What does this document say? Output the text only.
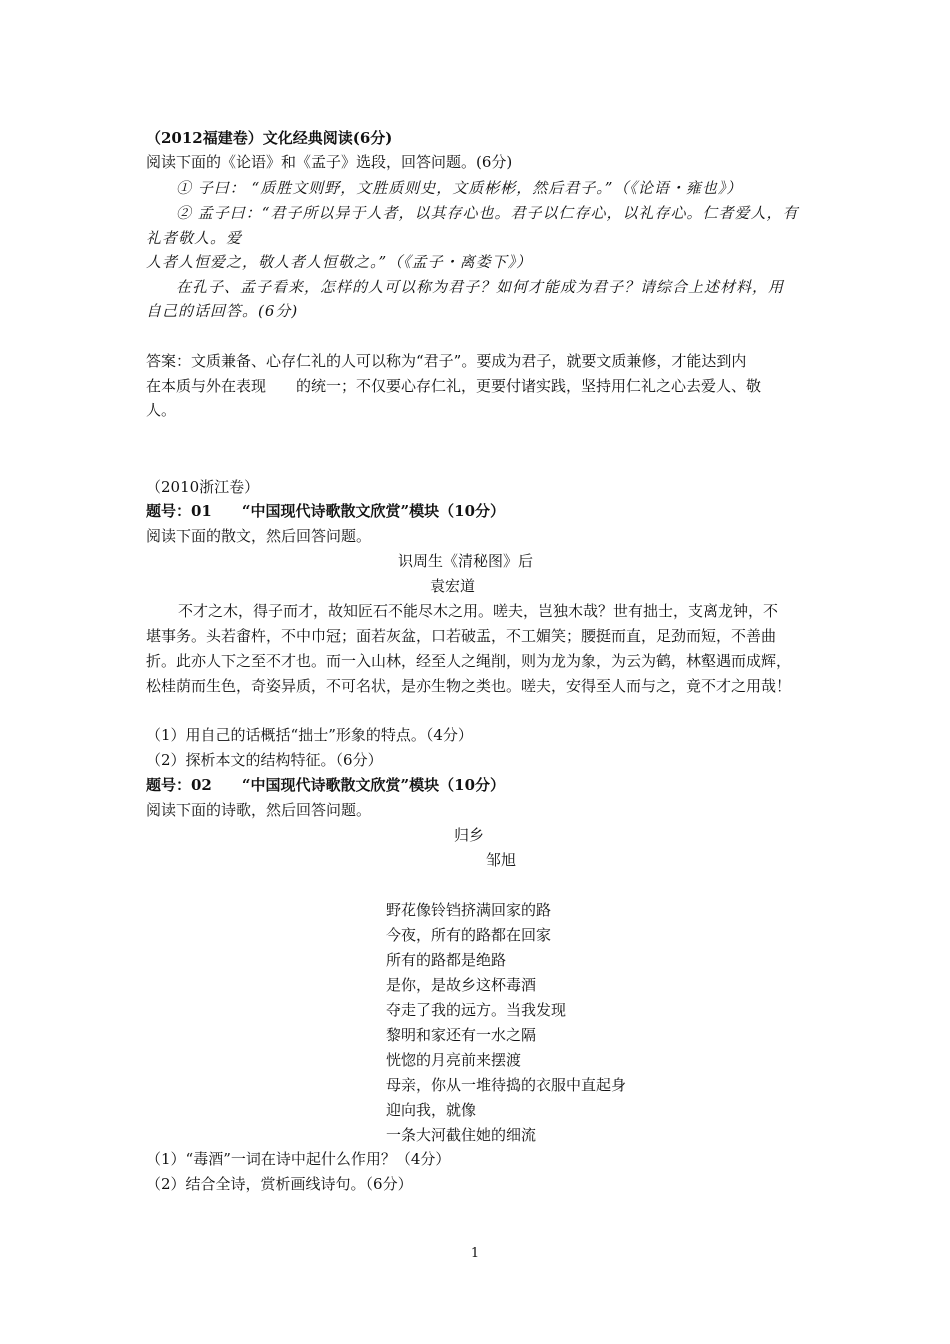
（2012福建卷）文化经典阅读(6分)

阅读下面的《论语》和《孟子》选段，回答问题。(6分)

① 子曰： “质胜文则野，文胜质则史，文质彬彬，然后君子。”（《论语・雍也》）

② 孟子曰：“君子所以异于人者，以其存心也。君子以仁存心，以礼存心。仁者爱人，有

礼者敬人。爱

人者人恒爱之，敬人者人恒敬之。”（《孟子・离娄下》）

在孔子、孟子看来，怎样的人可以称为君子？如何才能成为君子？请综合上述材料，用

自己的话回答。(6分)

答案：文质兼备、心存仁礼的人可以称为“君子”。要成为君子，就要文质兼修，才能达到内

在本质与外在表现　　的统一；不仅要心存仁礼，更要付诸实践，坚持用仁礼之心去爱人、敬

人。

（2010浙江卷）

题号：01　　“中国现代诗歌散文欣赏”模块（10分）

阅读下面的散文，然后回答问题。

识周生《清秘图》后

袁宏道

不才之木，得子而才，故知匠石不能尽木之用。嗟夫，岂独木哉？世有拙士，支离龙钟，不

堪事务。头若畬杵，不中巾冠；面若灰盆，口若破盂，不工媚笑；腰挺而直，足劲而短，不善曲

折。此亦人下之至不才也。而一入山林，经至人之绳削，则为龙为象，为云为鹤，林壑遇而成辉，

松桂荫而生色，奇姿异质，不可名状，是亦生物之类也。嗟夫，安得至人而与之，竟不才之用哉！

（1）用自己的话概括“拙士”形象的特点。（4分）

（2）探析本文的结构特征。（6分）

题号：02　　“中国现代诗歌散文欣赏”模块（10分）

阅读下面的诗歌，然后回答问题。

归乡

邹旭

野花像铃铛挤满回家的路

今夜，所有的路都在回家

所有的路都是绝路

是你，是故乡这杯毒酒

夺走了我的远方。当我发现

黎明和家还有一水之隔

恍惚的月亮前来摆渡

母亲，你从一堆待捣的衣服中直起身

迎向我，就像

一条大河截住她的细流

（1）“毒酒”一词在诗中起什么作用？（4分）

（2）结合全诗，赏析画线诗句。（6分）

1
